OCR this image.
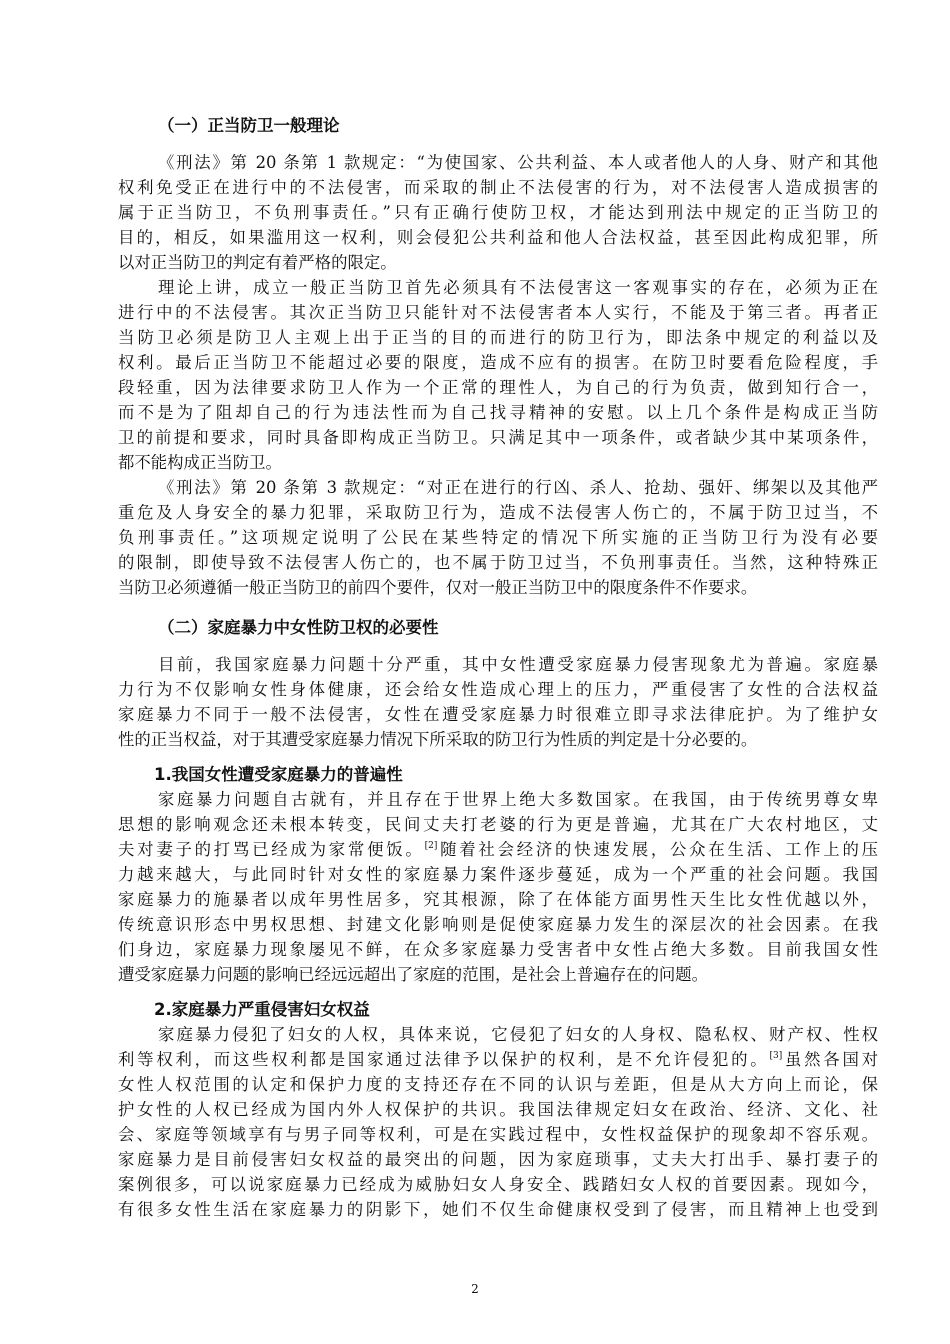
（一）正当防卫一般理论
《刑法》第 20 条第 1 款规定：“为使国家、公共利益、本人或者他人的人身、财产和其他
权利免受正在进行中的不法侵害，而采取的制止不法侵害的行为，对不法侵害人造成损害的
属于正当防卫，不负刑事责任。”只有正确行使防卫权，才能达到刑法中规定的正当防卫的
目的，相反，如果滥用这一权利，则会侵犯公共利益和他人合法权益，甚至因此构成犯罪，所
以对正当防卫的判定有着严格的限定。
理论上讲，成立一般正当防卫首先必须具有不法侵害这一客观事实的存在，必须为正在
进行中的不法侵害。其次正当防卫只能针对不法侵害者本人实行，不能及于第三者。再者正
当防卫必须是防卫人主观上出于正当的目的而进行的防卫行为，即法条中规定的利益以及
权利。最后正当防卫不能超过必要的限度，造成不应有的损害。在防卫时要看危险程度，手
段轻重，因为法律要求防卫人作为一个正常的理性人，为自己的行为负责，做到知行合一，
而不是为了阻却自己的行为违法性而为自己找寻精神的安慰。以上几个条件是构成正当防
卫的前提和要求，同时具备即构成正当防卫。只满足其中一项条件，或者缺少其中某项条件，
都不能构成正当防卫。
《刑法》第 20 条第 3 款规定：“对正在进行的行凶、杀人、抢劫、强奸、绑架以及其他严
重危及人身安全的暴力犯罪，采取防卫行为，造成不法侵害人伤亡的，不属于防卫过当，不
负刑事责任。”这项规定说明了公民在某些特定的情况下所实施的正当防卫行为没有必要
的限制，即使导致不法侵害人伤亡的，也不属于防卫过当，不负刑事责任。当然，这种特殊正
当防卫必须遵循一般正当防卫的前四个要件，仅对一般正当防卫中的限度条件不作要求。
（二）家庭暴力中女性防卫权的必要性
目前，我国家庭暴力问题十分严重，其中女性遭受家庭暴力侵害现象尤为普遍。家庭暴
力行为不仅影响女性身体健康，还会给女性造成心理上的压力，严重侵害了女性的合法权益
家庭暴力不同于一般不法侵害，女性在遭受家庭暴力时很难立即寻求法律庇护。为了维护女
性的正当权益，对于其遭受家庭暴力情况下所采取的防卫行为性质的判定是十分必要的。
1.我国女性遭受家庭暴力的普遍性
家庭暴力问题自古就有，并且存在于世界上绝大多数国家。在我国，由于传统男尊女卑
思想的影响观念还未根本转变，民间丈夫打老婆的行为更是普遍，尤其在广大农村地区，丈
夫对妻子的打骂已经成为家常便饭。[2]随着社会经济的快速发展，公众在生活、工作上的压
力越来越大，与此同时针对女性的家庭暴力案件逐步蔓延，成为一个严重的社会问题。我国
家庭暴力的施暴者以成年男性居多，究其根源，除了在体能方面男性天生比女性优越以外，
传统意识形态中男权思想、封建文化影响则是促使家庭暴力发生的深层次的社会因素。在我
们身边，家庭暴力现象屡见不鲜，在众多家庭暴力受害者中女性占绝大多数。目前我国女性
遭受家庭暴力问题的影响已经远远超出了家庭的范围，是社会上普遍存在的问题。
2.家庭暴力严重侵害妇女权益
家庭暴力侵犯了妇女的人权，具体来说，它侵犯了妇女的人身权、隐私权、财产权、性权
利等权利，而这些权利都是国家通过法律予以保护的权利，是不允许侵犯的。[3]虽然各国对
女性人权范围的认定和保护力度的支持还存在不同的认识与差距，但是从大方向上而论，保
护女性的人权已经成为国内外人权保护的共识。我国法律规定妇女在政治、经济、文化、社
会、家庭等领域享有与男子同等权利，可是在实践过程中，女性权益保护的现象却不容乐观。
家庭暴力是目前侵害妇女权益的最突出的问题，因为家庭琐事，丈夫大打出手、暴打妻子的
案例很多，可以说家庭暴力已经成为威胁妇女人身安全、践踏妇女人权的首要因素。现如今，
有很多女性生活在家庭暴力的阴影下，她们不仅生命健康权受到了侵害，而且精神上也受到
2
